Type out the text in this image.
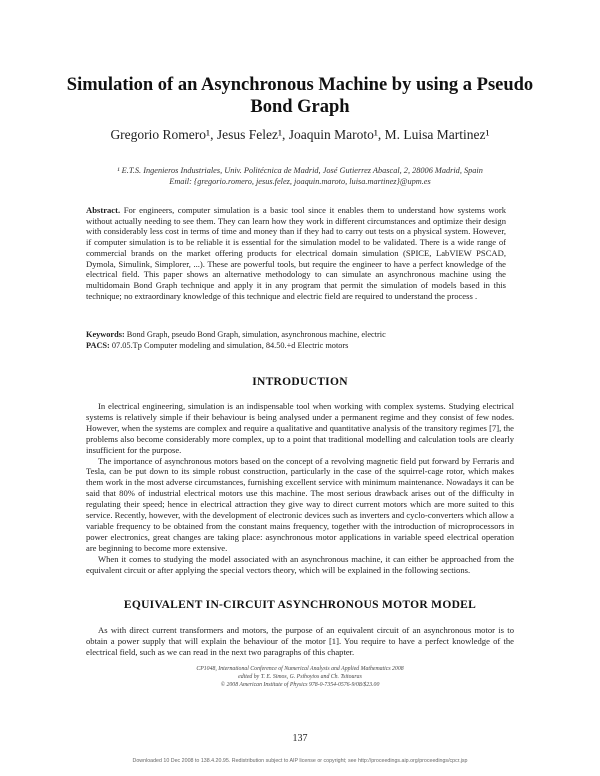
Simulation of an Asynchronous Machine by using a Pseudo Bond Graph
Gregorio Romero¹, Jesus Felez¹, Joaquin Maroto¹, M. Luisa Martinez¹
¹ E.T.S. Ingenieros Industriales, Univ. Politécnica de Madrid, José Gutierrez Abascal, 2, 28006 Madrid, Spain
Email: {gregorio.romero, jesus.felez, joaquin.maroto, luisa.martinez}@upm.es
Abstract. For engineers, computer simulation is a basic tool since it enables them to understand how systems work without actually needing to see them. They can learn how they work in different circumstances and optimize their design with considerably less cost in terms of time and money than if they had to carry out tests on a physical system. However, if computer simulation is to be reliable it is essential for the simulation model to be validated. There is a wide range of commercial brands on the market offering products for electrical domain simulation (SPICE, LabVIEW PSCAD, Dymola, Simulink, Simplorer, ...). These are powerful tools, but require the engineer to have a perfect knowledge of the electrical field. This paper shows an alternative methodology to can simulate an asynchronous machine using the multidomain Bond Graph technique and apply it in any program that permit the simulation of models based in this technique; no extraordinary knowledge of this technique and electric field are required to understand the process .
Keywords: Bond Graph, pseudo Bond Graph, simulation, asynchronous machine, electric
PACS: 07.05.Tp Computer modeling and simulation, 84.50.+d Electric motors
INTRODUCTION

In electrical engineering, simulation is an indispensable tool when working with complex systems. Studying electrical systems is relatively simple if their behaviour is being analysed under a permanent regime and they consist of few nodes. However, when the systems are complex and require a qualitative and quantitative analysis of the transitory regimes [7], the problems also become considerably more complex, up to a point that traditional modelling and calculation tools are clearly insufficient for the purpose.

The importance of asynchronous motors based on the concept of a revolving magnetic field put forward by Ferraris and Tesla, can be put down to its simple robust construction, particularly in the case of the squirrel-cage rotor, which makes them work in the most adverse circumstances, furnishing excellent service with minimum maintenance. Nowadays it can be said that 80% of industrial electrical motors use this machine. The most serious drawback arises out of the difficulty in regulating their speed; hence in electrical attraction they give way to direct current motors which are more suited to this service. Recently, however, with the development of electronic devices such as inverters and cyclo-converters which allow a variable frequency to be obtained from the constant mains frequency, together with the introduction of microprocessors in power electronics, great changes are taking place: asynchronous motor applications in variable speed electrical operation are beginning to become more extensive.

When it comes to studying the model associated with an asynchronous machine, it can either be approached from the equivalent circuit or after applying the special vectors theory, which will be explained in the following sections.

EQUIVALENT IN-CIRCUIT ASYNCHRONOUS MOTOR MODEL

As with direct current transformers and motors, the purpose of an equivalent circuit of an asynchronous motor is to obtain a power supply that will explain the behaviour of the motor [1]. You require to have a perfect knowledge of the electrical field, such as we can read in the next two paragraphs of this chapter.

CP1048, International Conference of Numerical Analysis and Applied Mathematics 2008
edited by T. E. Simos, G. Psihoyios and Ch. Tsitouras
© 2008 American Institute of Physics 978-0-7354-0576-9/08/$23.00
137
Downloaded 10 Dec 2008 to 138.4.20.95. Redistribution subject to AIP license or copyright; see http://proceedings.aip.org/proceedings/cpcr.jsp
